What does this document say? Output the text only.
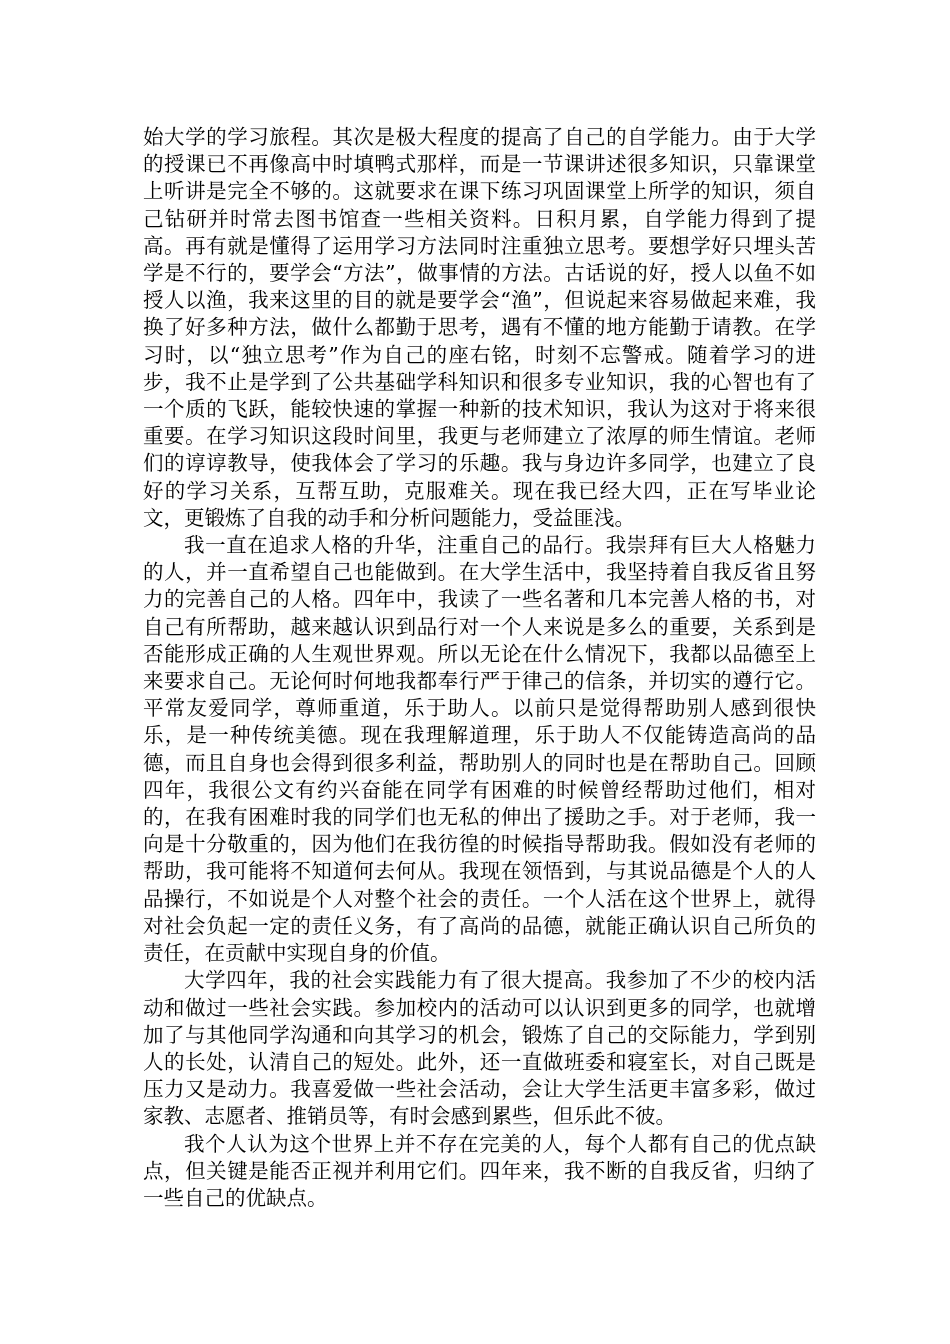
始大学的学习旅程。其次是极大程度的提高了自己的自学能力。由于大学的授课已不再像高中时填鸭式那样，而是一节课讲述很多知识，只靠课堂上听讲是完全不够的。这就要求在课下练习巩固课堂上所学的知识，须自己钻研并时常去图书馆查一些相关资料。日积月累，自学能力得到了提高。再有就是懂得了运用学习方法同时注重独立思考。要想学好只埋头苦学是不行的，要学会“方法”，做事情的方法。古话说的好，授人以鱼不如授人以渔，我来这里的目的就是要学会“渔”，但说起来容易做起来难，我换了好多种方法，做什么都勤于思考，遇有不懂的地方能勤于请教。在学习时，以“独立思考”作为自己的座右铭，时刻不忘警戒。随着学习的进步，我不止是学到了公共基础学科知识和很多专业知识，我的心智也有了一个质的飞跃，能较快速的掌握一种新的技术知识，我认为这对于将来很重要。在学习知识这段时间里，我更与老师建立了浓厚的师生情谊。老师们的谆谆教导，使我体会了学习的乐趣。我与身边许多同学，也建立了良好的学习关系，互帮互助，克服难关。现在我已经大四，正在写毕业论文，更锻炼了自我的动手和分析问题能力，受益匪浅。

我一直在追求人格的升华，注重自己的品行。我崇拜有巨大人格魅力的人，并一直希望自己也能做到。在大学生活中，我坚持着自我反省且努力的完善自己的人格。四年中，我读了一些名著和几本完善人格的书，对自己有所帮助，越来越认识到品行对一个人来说是多么的重要，关系到是否能形成正确的人生观世界观。所以无论在什么情况下，我都以品德至上来要求自己。无论何时何地我都奉行严于律己的信条，并切实的遵行它。平常友爱同学，尊师重道，乐于助人。以前只是觉得帮助别人感到很快乐，是一种传统美德。现在我理解道理，乐于助人不仅能铸造高尚的品德，而且自身也会得到很多利益，帮助别人的同时也是在帮助自己。回顾四年，我很公文有约兴奋能在同学有困难的时候曾经帮助过他们，相对的，在我有困难时我的同学们也无私的伸出了援助之手。对于老师，我一向是十分敬重的，因为他们在我彷徨的时候指导帮助我。假如没有老师的帮助，我可能将不知道何去何从。我现在领悟到，与其说品德是个人的人品操行，不如说是个人对整个社会的责任。一个人活在这个世界上，就得对社会负起一定的责任义务，有了高尚的品德，就能正确认识自己所负的责任，在贡献中实现自身的价值。

大学四年，我的社会实践能力有了很大提高。我参加了不少的校内活动和做过一些社会实践。参加校内的活动可以认识到更多的同学，也就增加了与其他同学沟通和向其学习的机会，锻炼了自己的交际能力，学到别人的长处，认清自己的短处。此外，还一直做班委和寝室长，对自己既是压力又是动力。我喜爱做一些社会活动，会让大学生活更丰富多彩，做过家教、志愿者、推销员等，有时会感到累些，但乐此不彼。

我个人认为这个世界上并不存在完美的人，每个人都有自己的优点缺点，但关键是能否正视并利用它们。四年来，我不断的自我反省，归纳了一些自己的优缺点。
